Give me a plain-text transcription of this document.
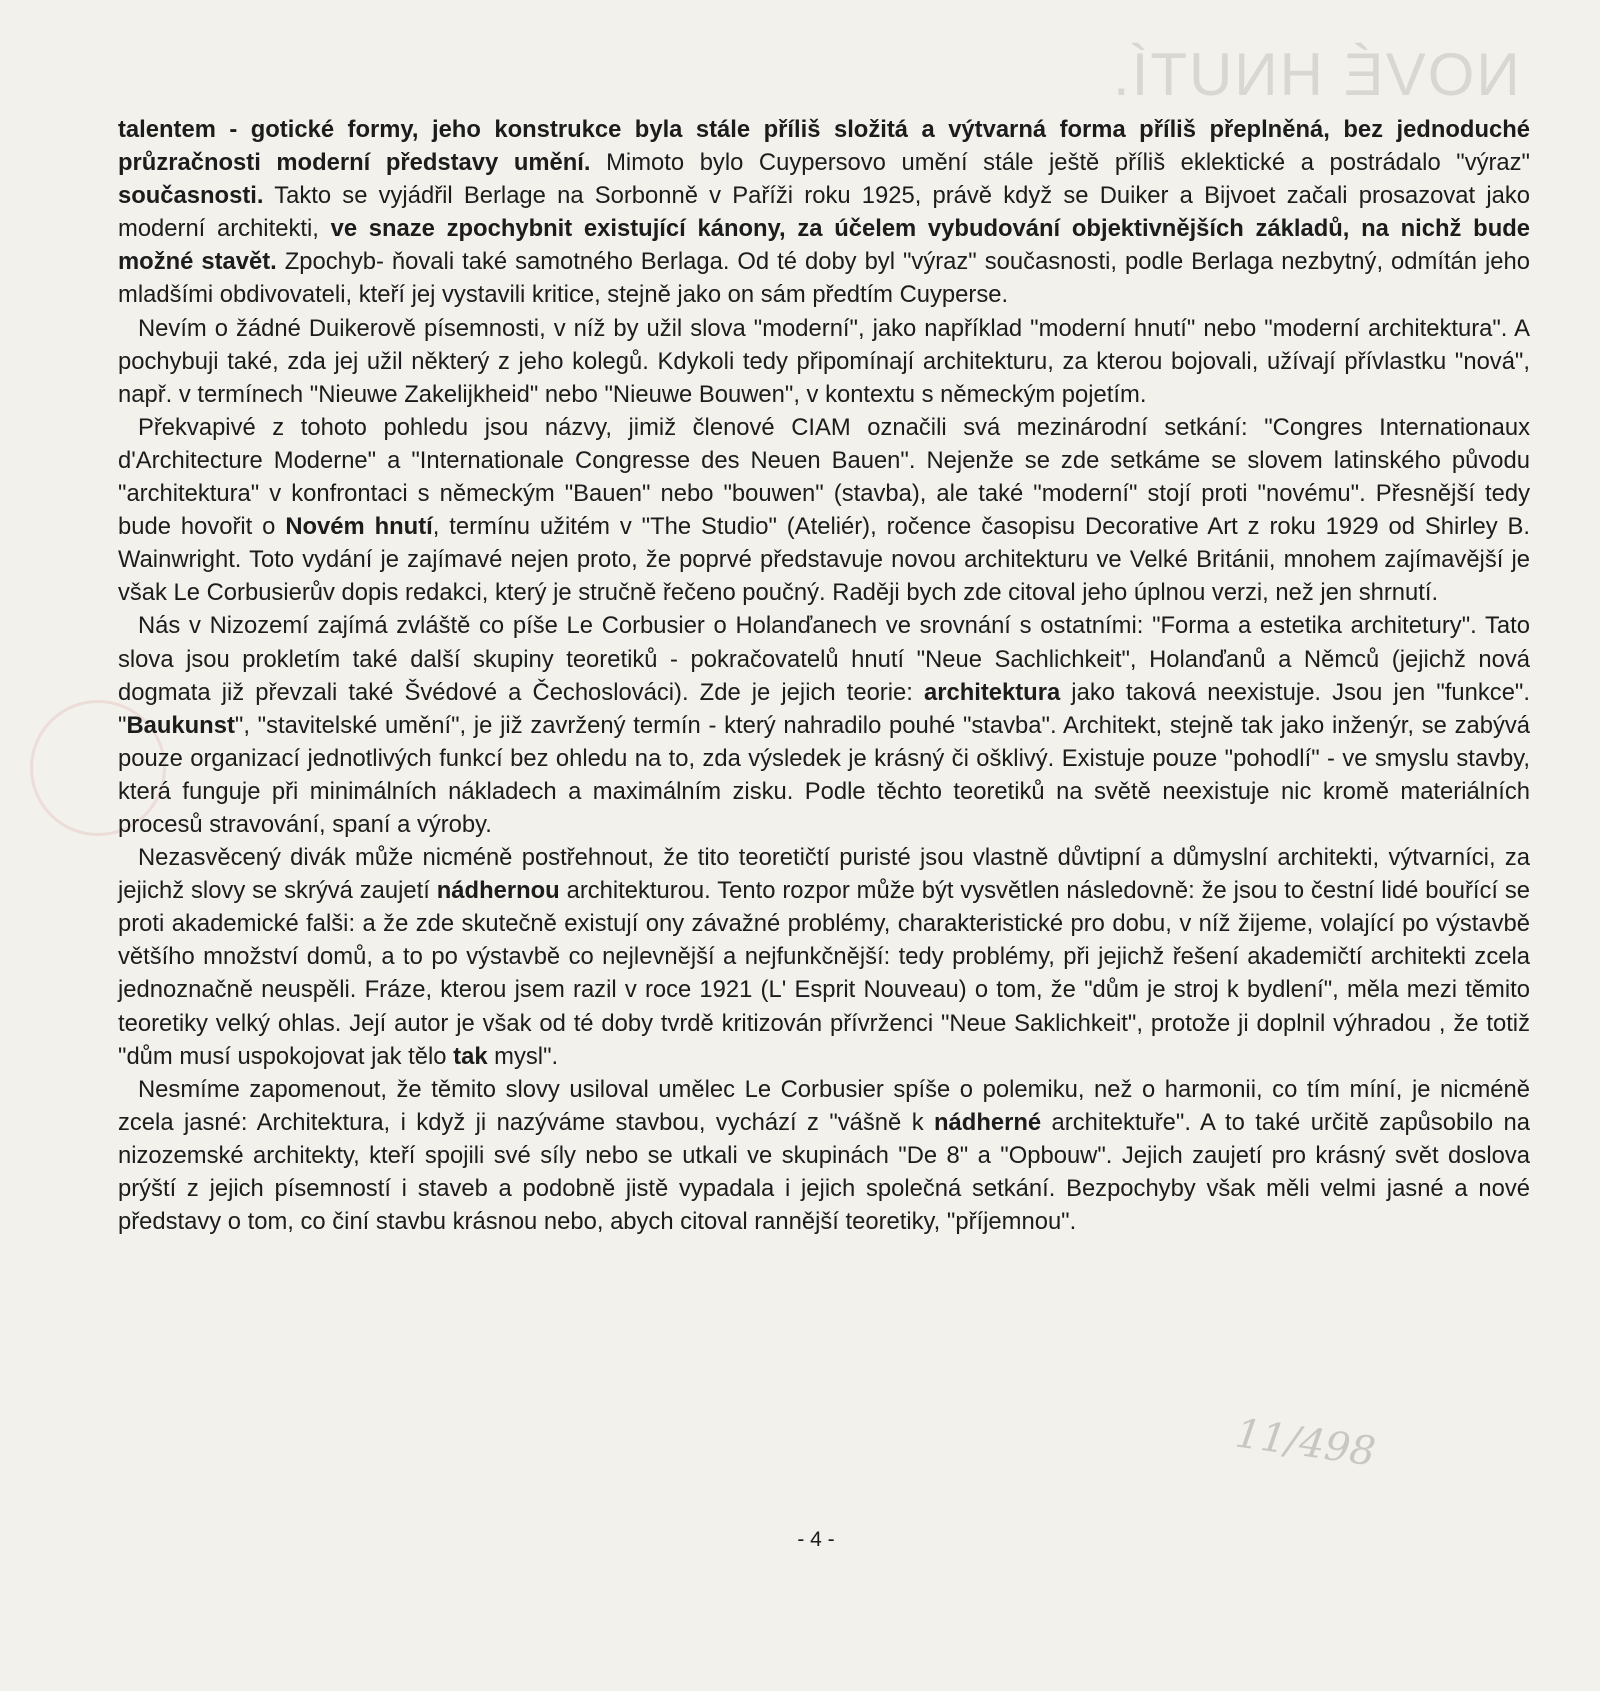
NOVÉ HNUTÍ.

talentem - gotické formy, jeho konstrukce byla stále příliš složitá a výtvarná forma příliš přeplněná, bez jednoduché průzračnosti moderní představy umění. Mimoto bylo Cuypersovo umění stále ještě příliš eklektické a postrádalo "výraz" současnosti. Takto se vyjádřil Berlage na Sorbonně v Paříži roku 1925, právě když se Duiker a Bijvoet začali prosazovat jako moderní architekti, ve snaze zpochybnit existující kánony, za účelem vybudování objektivnějších základů, na nichž bude možné stavět. Zpochyb- ňovali také samotného Berlaga. Od té doby byl "výraz" současnosti, podle Berlaga nezbytný, odmítán jeho mladšími obdivovateli, kteří jej vystavili kritice, stejně jako on sám předtím Cuyperse.

Nevím o žádné Duikerově písemnosti, v níž by užil slova "moderní", jako například "moderní hnutí" nebo "moderní architektura". A pochybuji také, zda jej užil některý z jeho kolegů. Kdykoli tedy připomínají architekturu, za kterou bojovali, užívají přívlastku "nová", např. v termínech "Nieuwe Zakelijkheid" nebo "Nieuwe Bouwen", v kontextu s německým pojetím.

Překvapivé z tohoto pohledu jsou názvy, jimiž členové CIAM označili svá mezinárodní setkání: "Congres Internationaux d'Architecture Moderne" a "Internationale Congresse des Neuen Bauen". Nejenže se zde setkáme se slovem latinského původu "architektura" v konfrontaci s německým "Bauen" nebo "bouwen" (stavba), ale také "moderní" stojí proti "novému". Přesnější tedy bude hovořit o Novém hnutí, termínu užitém v "The Studio" (Ateliér), ročence časopisu Decorative Art z roku 1929 od Shirley B. Wainwright. Toto vydání je zajímavé nejen proto, že poprvé představuje novou architekturu ve Velké Británii, mnohem zajímavější je však Le Corbusierův dopis redakci, který je stručně řečeno poučný. Raději bych zde citoval jeho úplnou verzi, než jen shrnutí.

Nás v Nizozemí zajímá zvláště co píše Le Corbusier o Holanďanech ve srovnání s ostatními: "Forma a estetika architetury". Tato slova jsou prokletím také další skupiny teoretiků - pokračovatelů hnutí "Neue Sachlichkeit", Holanďanů a Němců (jejichž nová dogmata již převzali také Švédové a Čechoslováci). Zde je jejich teorie: architektura jako taková neexistuje. Jsou jen "funkce". "Baukunst", "stavitelské umění", je již zavržený termín - který nahradilo pouhé "stavba". Architekt, stejně tak jako inženýr, se zabývá pouze organizací jednotlivých funkcí bez ohledu na to, zda výsledek je krásný či ošklivý. Existuje pouze "pohodlí" - ve smyslu stavby, která funguje při minimálních nákladech a maximálním zisku. Podle těchto teoretiků na světě neexistuje nic kromě materiálních procesů stravování, spaní a výroby.

Nezasvěcený divák může nicméně postřehnout, že tito teoretičtí puristé jsou vlastně důvtipní a důmyslní architekti, výtvarníci, za jejichž slovy se skrývá zaujetí nádhernou architekturou. Tento rozpor může být vysvětlen následovně: že jsou to čestní lidé bouřící se proti akademické falši: a že zde skutečně existují ony závažné problémy, charakteristické pro dobu, v níž žijeme, volající po výstavbě většího množství domů, a to po výstavbě co nejlevnější a nejfunkčnější: tedy problémy, při jejichž řešení akademičtí architekti zcela jednoznačně neuspěli. Fráze, kterou jsem razil v roce 1921 (L' Esprit Nouveau) o tom, že "dům je stroj k bydlení", měla mezi těmito teoretiky velký ohlas. Její autor je však od té doby tvrdě kritizován přívrženci "Neue Saklichkeit", protože ji doplnil výhradou , že totiž "dům musí uspokojovat jak tělo tak mysl".

Nesmíme zapomenout, že těmito slovy usiloval umělec Le Corbusier spíše o polemiku, než o harmonii, co tím míní, je nicméně zcela jasné: Architektura, i když ji nazýváme stavbou, vychází z "vášně k nádherné architektuře". A to také určitě zapůsobilo na nizozemské architekty, kteří spojili své síly nebo se utkali ve skupinách "De 8" a "Opbouw". Jejich zaujetí pro krásný svět doslova prýští z jejich písemností i staveb a podobně jistě vypadala i jejich společná setkání. Bezpochyby však měli velmi jasné a nové představy o tom, co činí stavbu krásnou nebo, abych citoval rannější teoretiky, "příjemnou".

11/498
- 4 -
